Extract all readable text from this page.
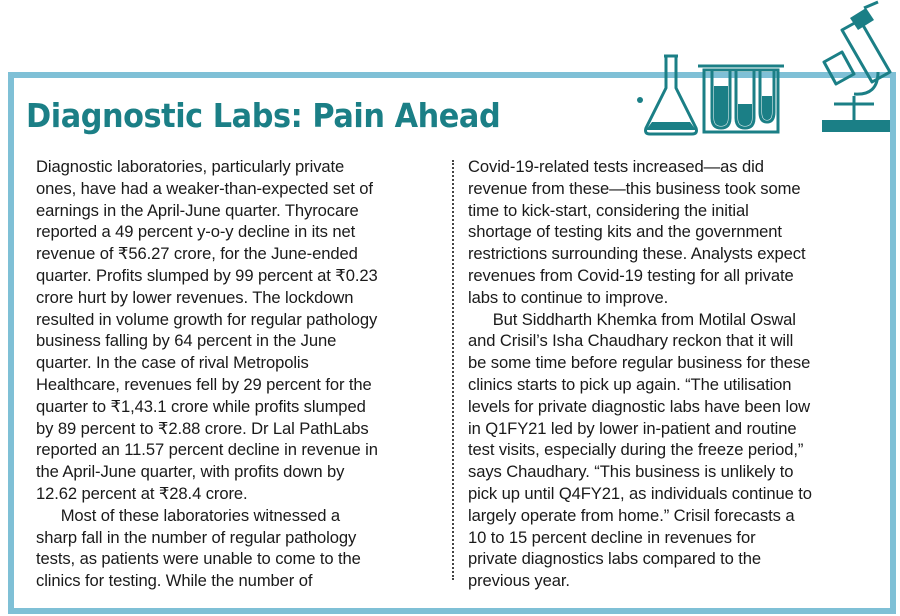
Diagnostic Labs: Pain Ahead
Diagnostic laboratories, particularly private
ones, have had a weaker-than-expected set of
earnings in the April-June quarter. Thyrocare
reported a 49 percent y-o-y decline in its net
revenue of ₹56.27 crore, for the June-ended
quarter. Profits slumped by 99 percent at ₹0.23
crore hurt by lower revenues. The lockdown
resulted in volume growth for regular pathology
business falling by 64 percent in the June
quarter. In the case of rival Metropolis
Healthcare, revenues fell by 29 percent for the
quarter to ₹1,43.1 crore while profits slumped
by 89 percent to ₹2.88 crore. Dr Lal PathLabs
reported an 11.57 percent decline in revenue in
the April-June quarter, with profits down by
12.62 percent at ₹28.4 crore.
  Most of these laboratories witnessed a
sharp fall in the number of regular pathology
tests, as patients were unable to come to the
clinics for testing. While the number of
Covid-19-related tests increased—as did
revenue from these—this business took some
time to kick-start, considering the initial
shortage of testing kits and the government
restrictions surrounding these. Analysts expect
revenues from Covid-19 testing for all private
labs to continue to improve.
  But Siddharth Khemka from Motilal Oswal
and Crisil’s Isha Chaudhary reckon that it will
be some time before regular business for these
clinics starts to pick up again. “The utilisation
levels for private diagnostic labs have been low
in Q1FY21 led by lower in-patient and routine
test visits, especially during the freeze period,”
says Chaudhary. “This business is unlikely to
pick up until Q4FY21, as individuals continue to
largely operate from home.” Crisil forecasts a
10 to 15 percent decline in revenues for
private diagnostics labs compared to the
previous year.
